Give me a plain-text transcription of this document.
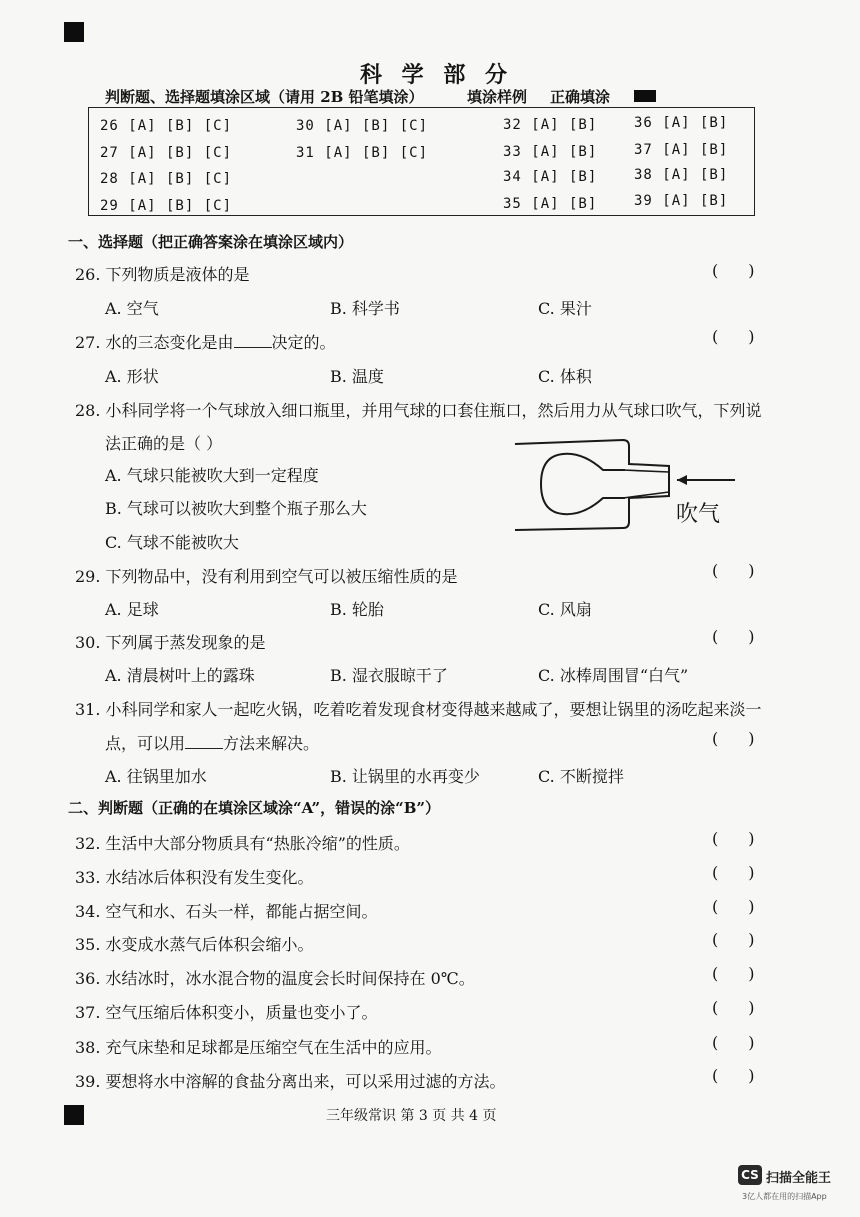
科 学 部 分
判断题、选择题填涂区域（请用 2B 铅笔填涂）	填涂样例 正确填涂
26 [A] [B] [C]
27 [A] [B] [C]
28 [A] [B] [C]
29 [A] [B] [C]
30 [A] [B] [C]
31 [A] [B] [C]
32 [A] [B]
33 [A] [B]
34 [A] [B]
35 [A] [B]
36 [A] [B]
37 [A] [B]
38 [A] [B]
39 [A] [B]
一、选择题（把正确答案涂在填涂区域内）
26. 下列物质是液体的是	( )
A. 空气	B. 科学书	C. 果汁
27. 水的三态变化是由 决定的。	( )
A. 形状	B. 温度	C. 体积
28. 小科同学将一个气球放入细口瓶里，并用气球的口套住瓶口，然后用力从气球口吹气，下列说
法正确的是（ ）
A. 气球只能被吹大到一定程度
B. 气球可以被吹大到整个瓶子那么大
C. 气球不能被吹大
吹气
29. 下列物品中，没有利用到空气可以被压缩性质的是	( )
A. 足球	B. 轮胎	C. 风扇
30. 下列属于蒸发现象的是	( )
A. 清晨树叶上的露珠	B. 湿衣服晾干了	C. 冰棒周围冒“白气”
31. 小科同学和家人一起吃火锅，吃着吃着发现食材变得越来越咸了，要想让锅里的汤吃起来淡一
点，可以用 方法来解决。	( )
A. 往锅里加水	B. 让锅里的水再变少	C. 不断搅拌
二、判断题（正确的在填涂区域涂“A”，错误的涂“B”）
32. 生活中大部分物质具有“热胀冷缩”的性质。	( )
33. 水结冰后体积没有发生变化。	( )
34. 空气和水、石头一样，都能占据空间。	( )
35. 水变成水蒸气后体积会缩小。	( )
36. 水结冰时，冰水混合物的温度会长时间保持在 0℃。	( )
37. 空气压缩后体积变小，质量也变小了。	( )
38. 充气床垫和足球都是压缩空气在生活中的应用。	( )
39. 要想将水中溶解的食盐分离出来，可以采用过滤的方法。	( )
三年级常识 第 3 页 共 4 页
CS 扫描全能王
3亿人都在用的扫描App
